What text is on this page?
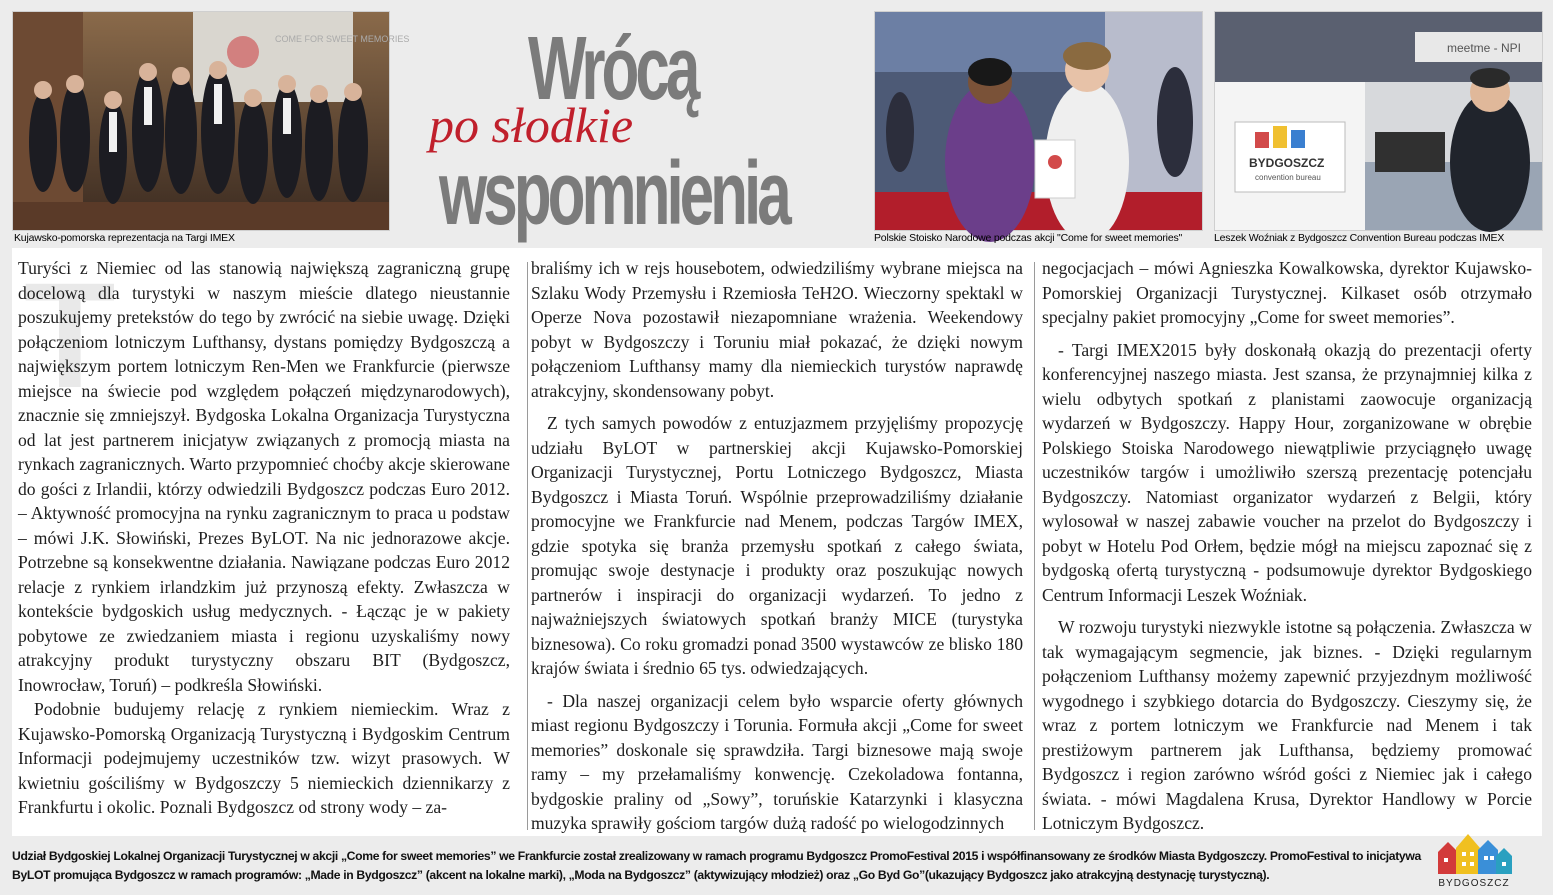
COME FOR SWEET MEMORIES
Kujawsko-pomorska reprezentacja na Targi IMEX
Wrócą
po słodkie
wspomnienia	Polskie Stoisko Narodowe podczas akcji "Come for sweet memories"
meetme - NPI
BYDGOSZCZ
convention bureau
Leszek Woźniak z Bydgoszcz Convention Bureau podczas IMEX
T

Turyści z Niemiec od las stanowią największą zagraniczną grupę docelową dla turystyki w naszym mieście dlatego nieustannie poszukujemy pretekstów do tego by zwrócić na siebie uwagę. Dzięki połączeniom lotniczym Lufthansy, dystans pomiędzy Bydgoszczą a największym portem lotniczym Ren-Men we Frankfurcie (pierwsze miejsce na świecie pod względem połączeń międzynarodowych), znacznie się zmniejszył. Bydgoska Lokalna Organizacja Turystyczna od lat jest partnerem inicjatyw związanych z promocją miasta na rynkach zagranicznych. Warto przypomnieć choćby akcje skierowane do gości z Irlandii, którzy odwiedzili Bydgoszcz podczas Euro 2012. – Aktywność promocyjna na rynku zagranicznym to praca u podstaw – mówi J.K. Słowiński, Prezes ByLOT. Na nic jednorazowe akcje. Potrzebne są konsekwentne działania. Nawiązane podczas Euro 2012 relacje z rynkiem irlandzkim już przynoszą efekty. Zwłaszcza w kontekście bydgoskich usług medycznych. - Łącząc je w pakiety pobytowe ze zwiedzaniem miasta i regionu uzyskaliśmy nowy atrakcyjny produkt turystyczny obszaru BIT (Bydgoszcz, Inowrocław, Toruń) – podkreśla Słowiński.

Podobnie budujemy relację z rynkiem niemieckim. Wraz z Kujawsko-Pomorską Organizacją Turystyczną i Bydgoskim Centrum Informacji podejmujemy uczestników tzw. wizyt prasowych. W kwietniu gościliśmy w Bydgoszczy 5 niemieckich dziennikarzy z Frankfurtu i okolic. Poznali Bydgoszcz od strony wody – za-

braliśmy ich w rejs housebotem, odwiedziliśmy wybrane miejsca na Szlaku Wody Przemysłu i Rzemiosła TeH2O. Wieczorny spektakl w Operze Nova pozostawił niezapomniane wrażenia. Weekendowy pobyt w Bydgoszczy i Toruniu miał pokazać, że dzięki nowym połączeniom Lufthansy mamy dla niemieckich turystów naprawdę atrakcyjny, skondensowany pobyt.

Z tych samych powodów z entuzjazmem przyjęliśmy propozycję udziału ByLOT w partnerskiej akcji Kujawsko-Pomorskiej Organizacji Turystycznej, Portu Lotniczego Bydgoszcz, Miasta Bydgoszcz i Miasta Toruń. Wspólnie przeprowadziliśmy działanie promocyjne we Frankfurcie nad Menem, podczas Targów IMEX, gdzie spotyka się branża przemysłu spotkań z całego świata, promując swoje destynacje i produkty oraz poszukując nowych partnerów i inspiracji do organizacji wydarzeń. To jedno z najważniejszych światowych spotkań branży MICE (turystyka biznesowa). Co roku gromadzi ponad 3500 wystawców ze blisko 180 krajów świata i średnio 65 tys. odwiedzających.

- Dla naszej organizacji celem było wsparcie oferty głównych miast regionu Bydgoszczy i Torunia. Formuła akcji „Come for sweet memories” doskonale się sprawdziła. Targi biznesowe mają swoje ramy – my przełamaliśmy konwencję. Czekoladowa fontanna, bydgoskie praliny od „Sowy”, toruńskie Katarzynki i klasyczna muzyka sprawiły gościom targów dużą radość po wielogodzinnych

negocjacjach – mówi Agnieszka Kowalkowska, dyrektor Kujawsko-Pomorskiej Organizacji Turystycznej. Kilkaset osób otrzymało specjalny pakiet promocyjny „Come for sweet memories”.

- Targi IMEX2015 były doskonałą okazją do prezentacji oferty konferencyjnej naszego miasta. Jest szansa, że przynajmniej kilka z wielu odbytych spotkań z planistami zaowocuje organizacją wydarzeń w Bydgoszczy. Happy Hour, zorganizowane w obrębie Polskiego Stoiska Narodowego niewątpliwie przyciągnęło uwagę uczestników targów i umożliwiło szerszą prezentację potencjału Bydgoszczy. Natomiast organizator wydarzeń z Belgii, który wylosował w naszej zabawie voucher na przelot do Bydgoszczy i pobyt w Hotelu Pod Orłem, będzie mógł na miejscu zapoznać się z bydgoską ofertą turystyczną - podsumowuje dyrektor Bydgoskiego Centrum Informacji Leszek Woźniak.

W rozwoju turystyki niezwykle istotne są połączenia. Zwłaszcza w tak wymagającym segmencie, jak biznes. - Dzięki regularnym połączeniom Lufthansy możemy zapewnić przyjezdnym możliwość wygodnego i szybkiego dotarcia do Bydgoszczy. Cieszymy się, że wraz z portem lotniczym we Frankfurcie nad Menem i tak prestiżowym partnerem jak Lufthansa, będziemy promować Bydgoszcz i region zarówno wśród gości z Niemiec jak i całego świata. - mówi Magdalena Krusa, Dyrektor Handlowy w Porcie Lotniczym Bydgoszcz.

Udział Bydgoskiej Lokalnej Organizacji Turystycznej w akcji „Come for sweet memories” we Frankfurcie został zrealizowany w ramach programu Bydgoszcz PromoFestival 2015 i współfinansowany ze środków Miasta Bydgoszczy. PromoFestival to inicjatywa
ByLOT promująca Bydgoszcz w ramach programów: „Made in Bydgoszcz” (akcent na lokalne marki), „Moda na Bydgoszcz” (aktywizujący młodzież) oraz „Go Byd Go”(ukazujący Bydgoszcz jako atrakcyjną destynację turystyczną).
BYDGOSZCZ
